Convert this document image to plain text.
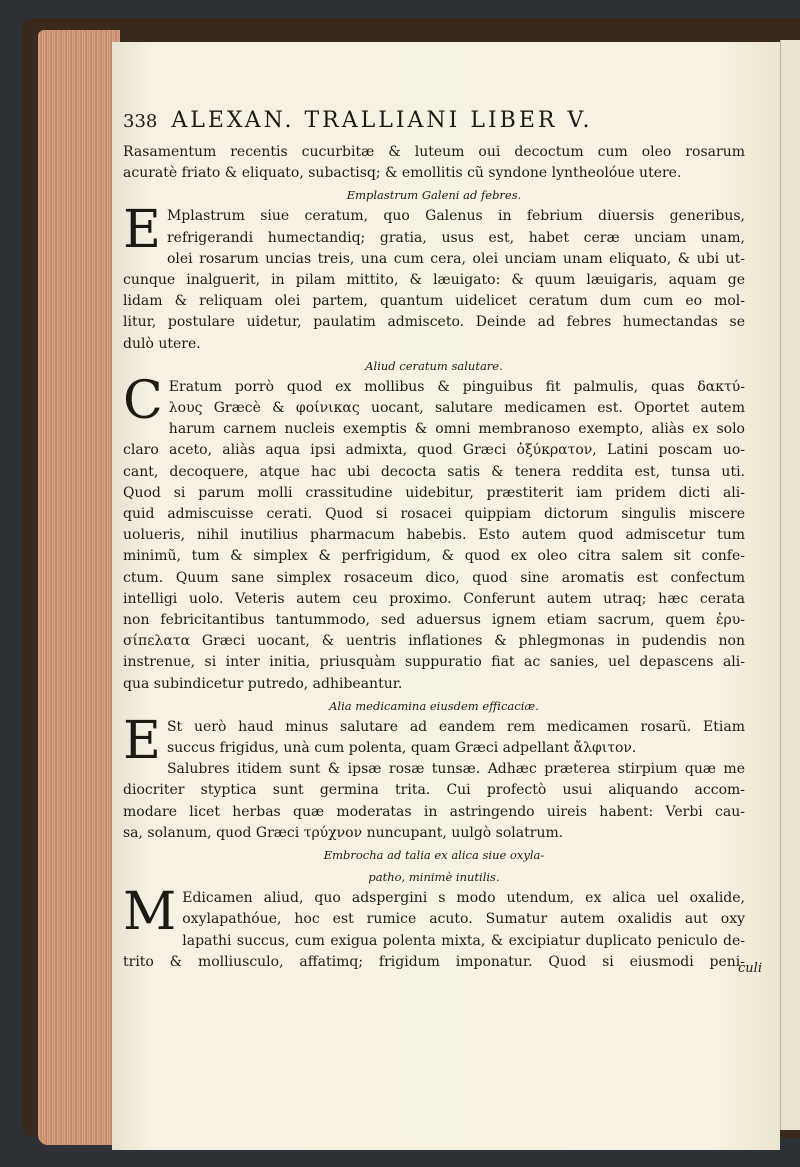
338 ALEXAN. TRALLIANI LIBER V.
Rasamentum recentis cucurbitæ & luteum oui decoctum cum oleo rosarum
acuratè friato & eliquato, subactisq; & emollitis cũ syndone lyntheolóue utere.
Emplastrum Galeni ad febres.
E Mplastrum siue ceratum, quo Galenus in febrium diuersis generibus,
refrigerandi humectandiq; gratia, usus est, habet ceræ unciam unam,
olei rosarum uncias treis, una cum cera, olei unciam unam eliquato, & ubi ut-
cunque inalguerit, in pilam mittito, & læuigato: & quum læuigaris, aquam ge
lidam & reliquam olei partem, quantum uidelicet ceratum dum cum eo mol-
litur, postulare uidetur, paulatim admisceto. Deinde ad febres humectandas se
dulò utere.
Aliud ceratum salutare.
C Eratum porrò quod ex mollibus & pinguibus fit palmulis, quas δακτύ-
λους Græcè & φοίνικας uocant, salutare medicamen est. Oportet autem
harum carnem nucleis exemptis & omni membranoso exempto, aliàs ex solo
claro aceto, aliàs aqua ipsi admixta, quod Græci ὀξύκρατον, Latini poscam uo-
cant, decoquere, atque hac ubi decocta satis & tenera reddita est, tunsa uti.
Quod si parum molli crassitudine uidebitur, præstiterit iam pridem dicti ali-
quid admiscuisse cerati. Quod si rosacei quippiam dictorum singulis miscere
uolueris, nihil inutilius pharmacum habebis. Esto autem quod admiscetur tum
minimũ, tum & simplex & perfrigidum, & quod ex oleo citra salem sit confe-
ctum. Quum sane simplex rosaceum dico, quod sine aromatis est confectum
intelligi uolo. Veteris autem ceu proximo. Conferunt autem utraq; hæc cerata
non febricitantibus tantummodo, sed aduersus ignem etiam sacrum, quem ἐρυ-
σίπελατα Græci uocant, & uentris inflationes & phlegmonas in pudendis non
instrenue, si inter initia, priusquàm suppuratio fiat ac sanies, uel depascens ali-
qua subindicetur putredo, adhibeantur.
Alia medicamina eiusdem efficaciæ.
E St uerò haud minus salutare ad eandem rem medicamen rosarũ. Etiam
succus frigidus, unà cum polenta, quam Græci adpellant ἄλφιτον.
Salubres itidem sunt & ipsæ rosæ tunsæ. Adhæc præterea stirpium quæ me
diocriter styptica sunt germina trita. Cui profectò usui aliquando accom-
modare licet herbas quæ moderatas in astringendo uireis habent: Verbi cau-
sa, solanum, quod Græci τρύχνον nuncupant, uulgò solatrum.
Embrocha ad talia ex alica siue oxyla-
patho, minimè inutilis.
M Edicamen aliud, quo adspergini s modo utendum, ex alica uel oxalide,
oxylapathóue, hoc est rumice acuto. Sumatur autem oxalidis aut oxy
lapathi succus, cum exigua polenta mixta, & excipiatur duplicato peniculo de-
trito & molliusculo, affatimq; frigidum imponatur. Quod si eiusmodi peni-
culi
